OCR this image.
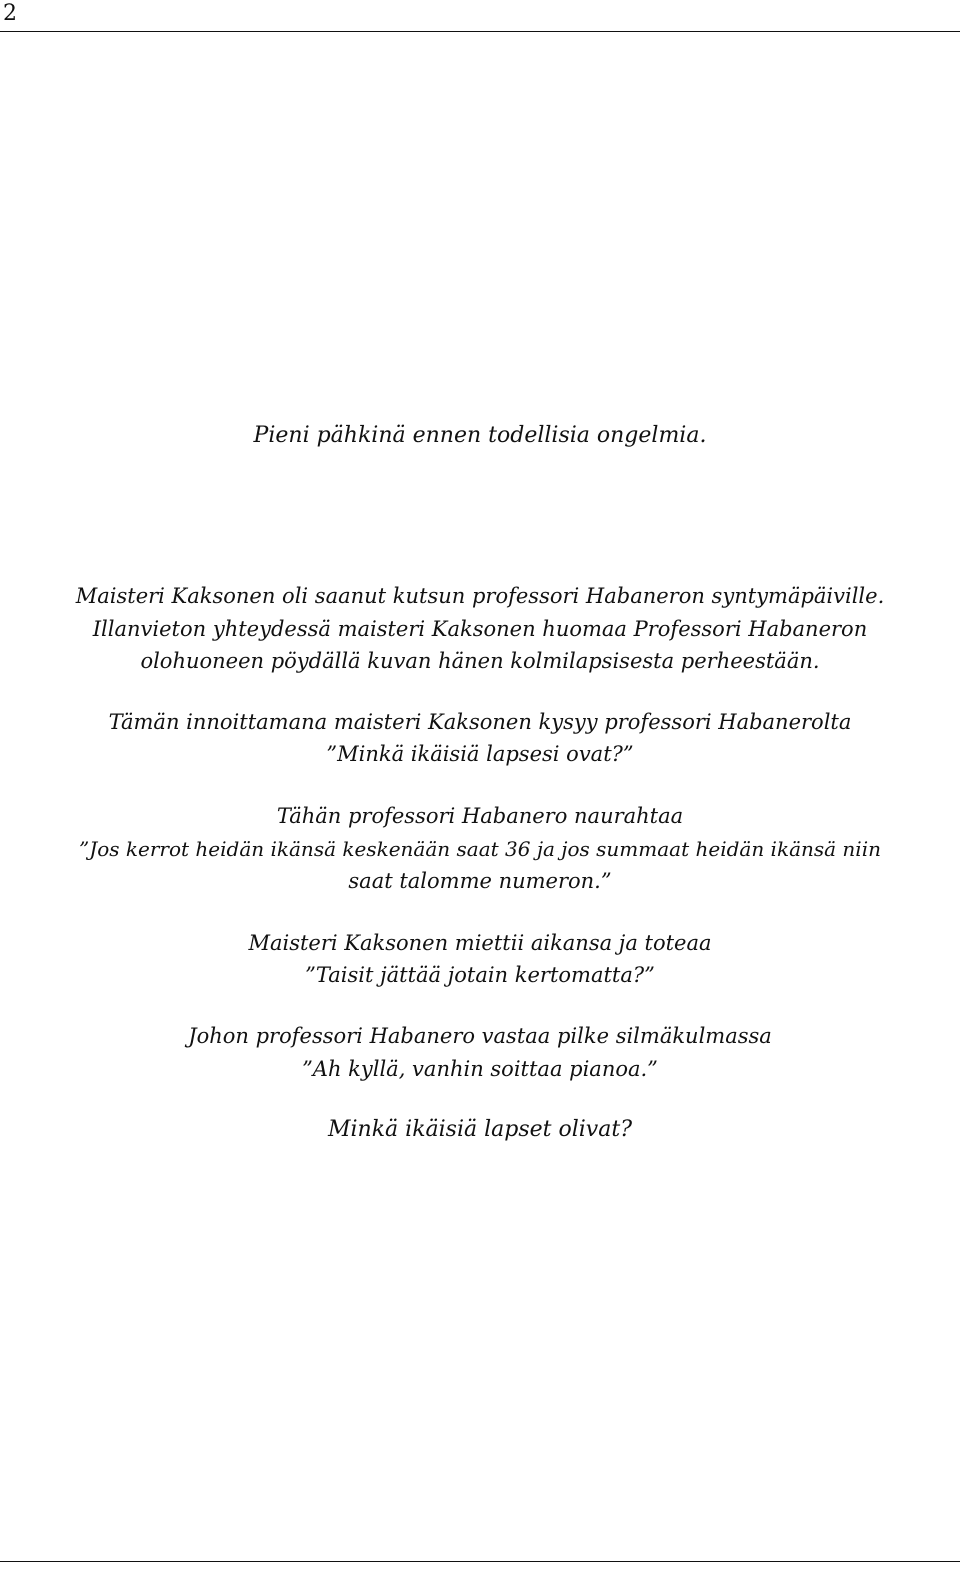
2
Pieni pähkinä ennen todellisia ongelmia.
Maisteri Kaksonen oli saanut kutsun professori Habaneron syntymäpäiville.
Illanvieton yhteydessä maisteri Kaksonen huomaa Professori Habaneron
olohuoneen pöydällä kuvan hänen kolmilapsisesta perheestään.
Tämän innoittamana maisteri Kaksonen kysyy professori Habanerolta
”Minkä ikäisiä lapsesi ovat?”
Tähän professori Habanero naurahtaa
”Jos kerrot heidän ikänsä keskenään saat 36 ja jos summaat heidän ikänsä niin
saat talomme numeron.”
Maisteri Kaksonen miettii aikansa ja toteaa
”Taisit jättää jotain kertomatta?”
Johon professori Habanero vastaa pilke silmäkulmassa
”Ah kyllä, vanhin soittaa pianoa.”
Minkä ikäisiä lapset olivat?
